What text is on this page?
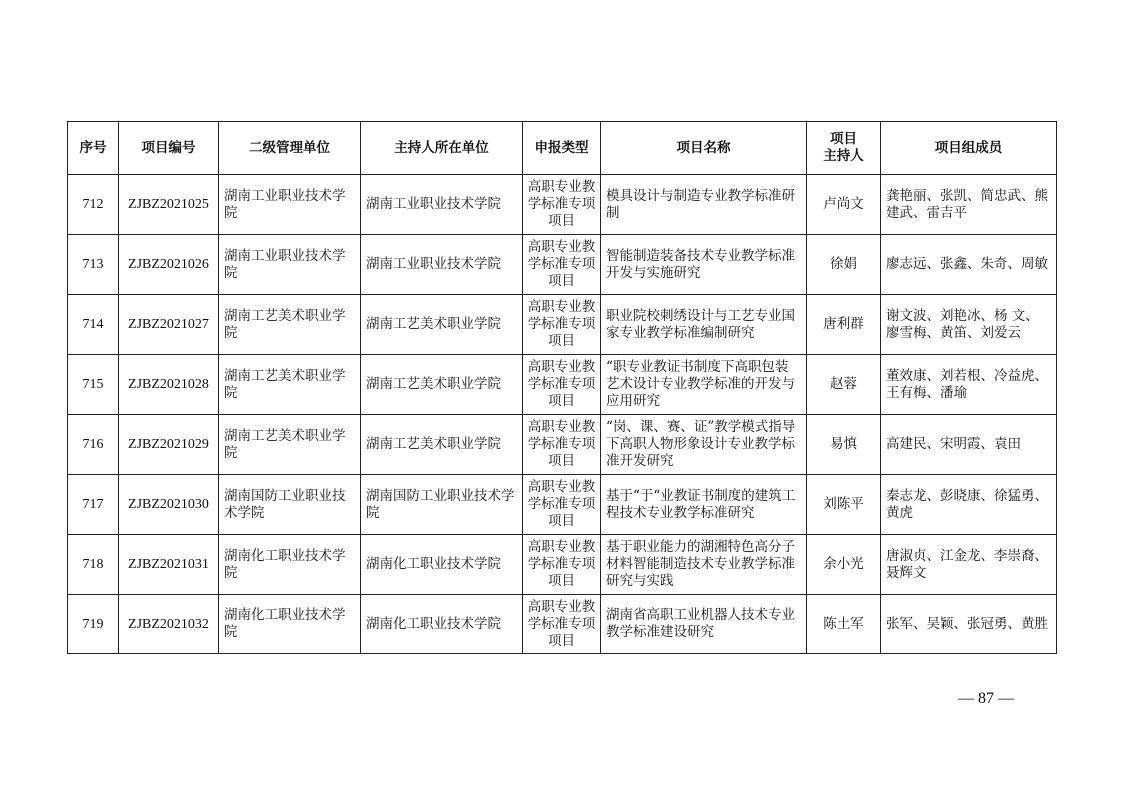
序号	项目编号	二级管理单位	主持人所在单位	申报类型	项目名称	项目
主持人	项目组成员
712	ZJBZ2021025	湖南工业职业技术学院	湖南工业职业技术学院	高职专业教学标准专项项目	模具设计与制造专业教学标准研制	卢尚文	龚艳丽、张凯、简忠武、熊建武、雷吉平
713	ZJBZ2021026	湖南工业职业技术学院	湖南工业职业技术学院	高职专业教学标准专项项目	智能制造装备技术专业教学标准开发与实施研究	徐娟	廖志远、张鑫、朱奇、周敏
714	ZJBZ2021027	湖南工艺美术职业学院	湖南工艺美术职业学院	高职专业教学标准专项项目	职业院校刺绣设计与工艺专业国家专业教学标准编制研究	唐利群	谢文波、刘艳冰、杨 文、廖雪梅、黄笛、刘爱云
715	ZJBZ2021028	湖南工艺美术职业学院	湖南工艺美术职业学院	高职专业教学标准专项项目	“职专业教证书制度下高职包装艺术设计专业教学标准的开发与应用研究	赵蓉	董效康、刘若根、冷益虎、王有梅、潘瑜
716	ZJBZ2021029	湖南工艺美术职业学院	湖南工艺美术职业学院	高职专业教学标准专项项目	“岗、课、赛、证”教学模式指导下高职人物形象设计专业教学标准开发研究	易慎	高建民、宋明霞、袁田
717	ZJBZ2021030	湖南国防工业职业技术学院	湖南国防工业职业技术学院	高职专业教学标准专项项目	基于“于“业教证书制度的建筑工程技术专业教学标准研究	刘陈平	秦志龙、彭晓康、徐猛勇、黄虎
718	ZJBZ2021031	湖南化工职业技术学院	湖南化工职业技术学院	高职专业教学标准专项项目	基于职业能力的湖湘特色高分子材料智能制造技术专业教学标准研究与实践	余小光	唐淑贞、江金龙、李崇裔、聂辉文
719	ZJBZ2021032	湖南化工职业技术学院	湖南化工职业技术学院	高职专业教学标准专项项目	湖南省高职工业机器人技术专业教学标准建设研究	陈土军	张军、吴颖、张冠勇、黄胜
— 87 —
